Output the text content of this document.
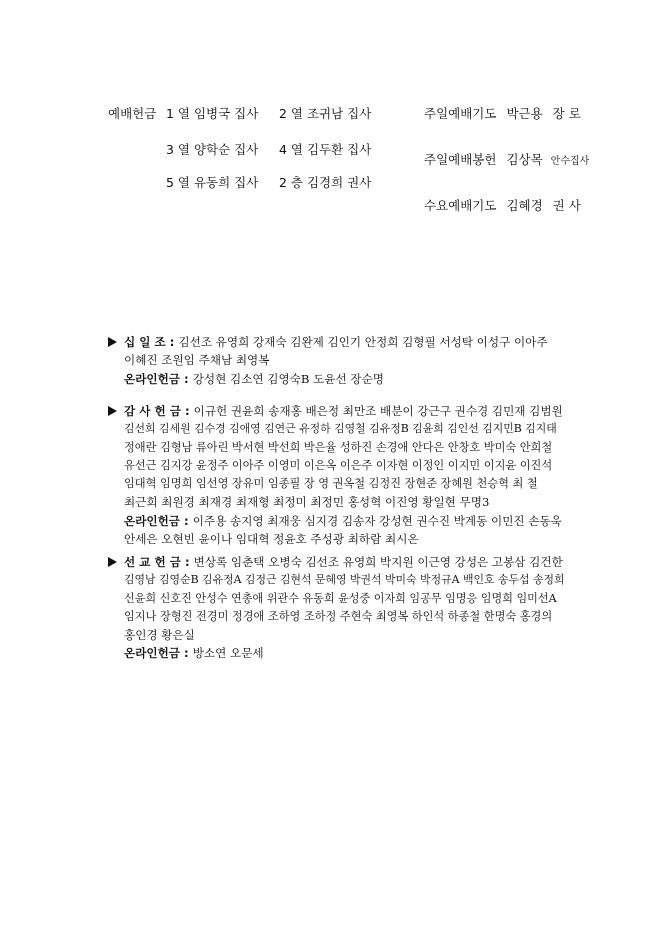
예배헌금 1 열 임병국 집사 2 열 조귀남 집사
3 열 양학순 집사 4 열 김두환 집사
5 열 유동희 집사 2 층 김경희 권사
주일예배기도 박근용 장 로
주일예배봉헌 김상목 안수집사
수요예배기도 김혜경 권 사
십 일 조 : 김선조 유영희 강재숙 김완제 김인기 안정희 김형필 서성탁 이성구 이아주
이혜진 조원임 주채남 최영복
온라인헌금 : 강성현 김소연 김영숙B 도윤선 장순명
감 사 헌 금 : 이규헌 권윤희 송재홍 배은정 최만조 배분이 강근구 권수경 김민재 김범원
김선희 김세원 김수경 김애영 김연근 유정하 김영철 김유정B 김윤희 김인선 김지민B 김지태
정애란 김형남 류아린 박서현 박선희 박은율 성하진 손경애 안다은 안창호 박미숙 안희철
유선근 김지강 윤정주 이아주 이영미 이은옥 이은주 이자현 이정인 이지민 이지윤 이진석
임대혁 임명희 임선영 장유미 임종필 장 영 권옥철 김정진 장현준 장혜원 천승혁 최 철
최근희 최원경 최재경 최재형 최정미 최정민 홍성혁 이진영 황일현 무명3
온라인헌금 : 이주용 송지영 최재웅 심지경 김송자 강성현 권수진 박계동 이민진 손동욱
안세은 오현빈 윤이나 임대혁 정윤호 주성광 최하람 최시온
선 교 헌 금 : 변상록 임춘택 오병숙 김선조 유영희 박지원 이근영 강성은 고봉삼 김건한
김영남 김영순B 김유정A 김정근 김현석 문혜영 박권석 박미숙 박정규A 백인호 송두섭 송정희
신윤희 신호진 안성수 연총애 위관수 유동희 윤성중 이자희 임공무 임명응 임명희 임미선A
임지나 장형진 전경미 정경애 조하영 조하정 주현숙 최영복 하인석 하종철 한명숙 홍경의
홍인경 황은실
온라인헌금 : 방소연 오문세
